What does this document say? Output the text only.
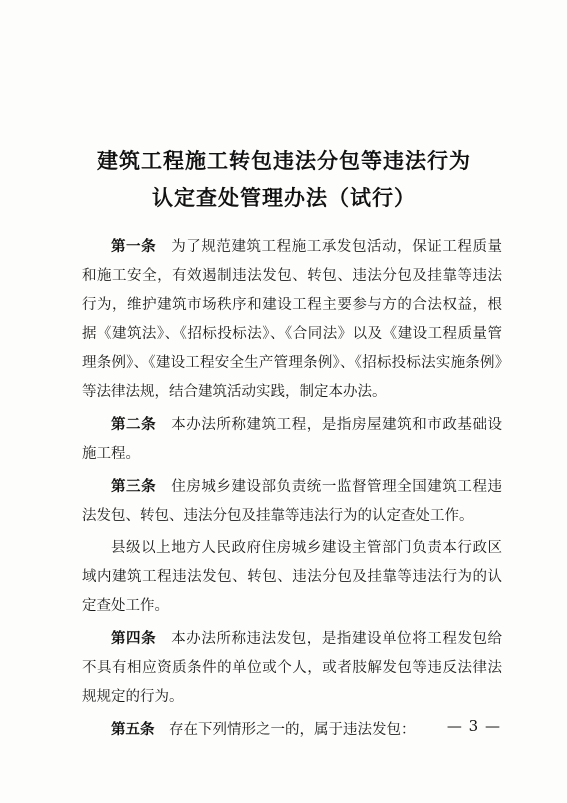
建筑工程施工转包违法分包等违法行为
认定查处管理办法（试行）

第一条　 为了规范建筑工程施工承发包活动，保证工程质量和施工安全，有效遏制违法发包、转包、违法分包及挂靠等违法行为，维护建筑市场秩序和建设工程主要参与方的合法权益，根据《建筑法》、《招标投标法》、《合同法》以及《建设工程质量管理条例》、《建设工程安全生产管理条例》、《招标投标法实施条例》等法律法规，结合建筑活动实践，制定本办法。

第二条　 本办法所称建筑工程，是指房屋建筑和市政基础设施工程。

第三条　 住房城乡建设部负责统一监督管理全国建筑工程违法发包、转包、违法分包及挂靠等违法行为的认定查处工作。

县级以上地方人民政府住房城乡建设主管部门负责本行政区域内建筑工程违法发包、转包、违法分包及挂靠等违法行为的认定查处工作。

第四条　 本办法所称违法发包，是指建设单位将工程发包给不具有相应资质条件的单位或个人，或者肢解发包等违反法律法规规定的行为。

第五条　 存在下列情形之一的，属于违法发包：	— 3 —
